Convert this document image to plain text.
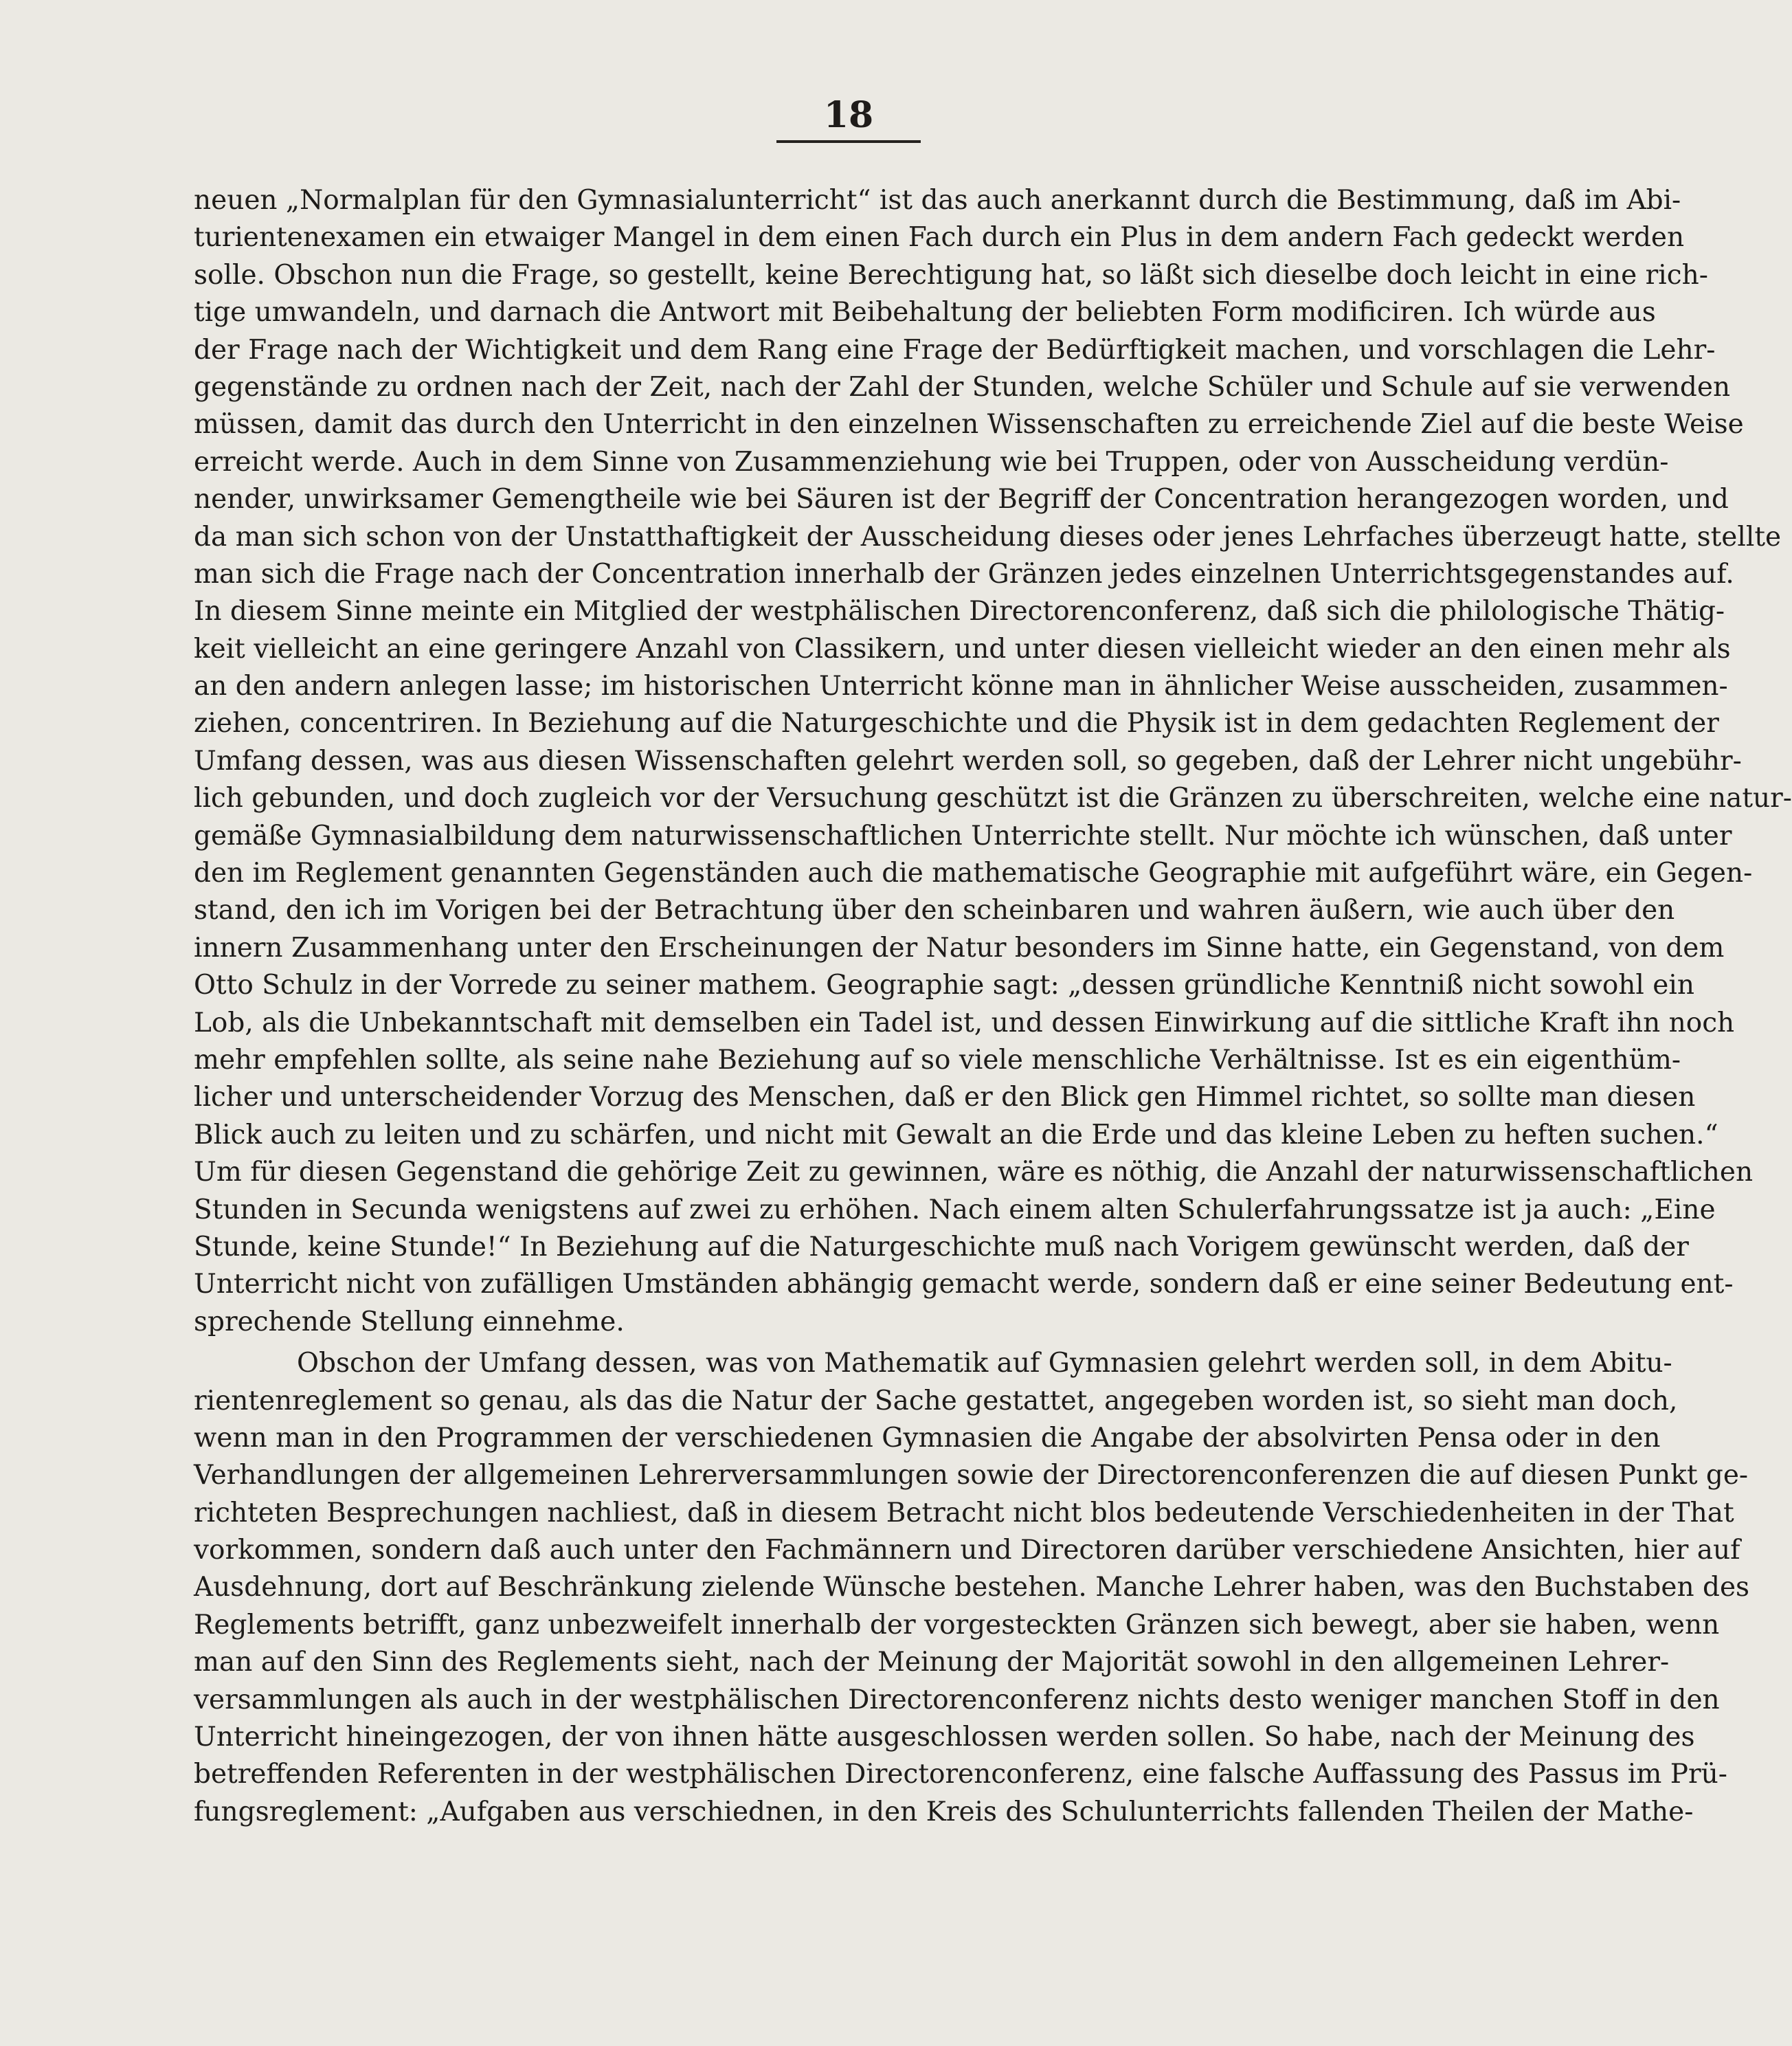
18
neuen „Normalplan für den Gymnasialunterricht“ ist das auch anerkannt durch die Bestimmung, daß im Abi-
turientenexamen ein etwaiger Mangel in dem einen Fach durch ein Plus in dem andern Fach gedeckt werden
solle. Obschon nun die Frage, so gestellt, keine Berechtigung hat, so läßt sich dieselbe doch leicht in eine rich-
tige umwandeln, und darnach die Antwort mit Beibehaltung der beliebten Form modificiren. Ich würde aus
der Frage nach der Wichtigkeit und dem Rang eine Frage der Bedürftigkeit machen, und vorschlagen die Lehr-
gegenstände zu ordnen nach der Zeit, nach der Zahl der Stunden, welche Schüler und Schule auf sie verwenden
müssen, damit das durch den Unterricht in den einzelnen Wissenschaften zu erreichende Ziel auf die beste Weise
erreicht werde. Auch in dem Sinne von Zusammenziehung wie bei Truppen, oder von Ausscheidung verdün-
nender, unwirksamer Gemengtheile wie bei Säuren ist der Begriff der Concentration herangezogen worden, und
da man sich schon von der Unstatthaftigkeit der Ausscheidung dieses oder jenes Lehrfaches überzeugt hatte, stellte
man sich die Frage nach der Concentration innerhalb der Gränzen jedes einzelnen Unterrichtsgegenstandes auf.
In diesem Sinne meinte ein Mitglied der westphälischen Directorenconferenz, daß sich die philologische Thätig-
keit vielleicht an eine geringere Anzahl von Classikern, und unter diesen vielleicht wieder an den einen mehr als
an den andern anlegen lasse; im historischen Unterricht könne man in ähnlicher Weise ausscheiden, zusammen-
ziehen, concentriren. In Beziehung auf die Naturgeschichte und die Physik ist in dem gedachten Reglement der
Umfang dessen, was aus diesen Wissenschaften gelehrt werden soll, so gegeben, daß der Lehrer nicht ungebühr-
lich gebunden, und doch zugleich vor der Versuchung geschützt ist die Gränzen zu überschreiten, welche eine natur-
gemäße Gymnasialbildung dem naturwissenschaftlichen Unterrichte stellt. Nur möchte ich wünschen, daß unter
den im Reglement genannten Gegenständen auch die mathematische Geographie mit aufgeführt wäre, ein Gegen-
stand, den ich im Vorigen bei der Betrachtung über den scheinbaren und wahren äußern, wie auch über den
innern Zusammenhang unter den Erscheinungen der Natur besonders im Sinne hatte, ein Gegenstand, von dem
Otto Schulz in der Vorrede zu seiner mathem. Geographie sagt: „dessen gründliche Kenntniß nicht sowohl ein
Lob, als die Unbekanntschaft mit demselben ein Tadel ist, und dessen Einwirkung auf die sittliche Kraft ihn noch
mehr empfehlen sollte, als seine nahe Beziehung auf so viele menschliche Verhältnisse. Ist es ein eigenthüm-
licher und unterscheidender Vorzug des Menschen, daß er den Blick gen Himmel richtet, so sollte man diesen
Blick auch zu leiten und zu schärfen, und nicht mit Gewalt an die Erde und das kleine Leben zu heften suchen.“
Um für diesen Gegenstand die gehörige Zeit zu gewinnen, wäre es nöthig, die Anzahl der naturwissenschaftlichen
Stunden in Secunda wenigstens auf zwei zu erhöhen. Nach einem alten Schulerfahrungssatze ist ja auch: „Eine
Stunde, keine Stunde!“ In Beziehung auf die Naturgeschichte muß nach Vorigem gewünscht werden, daß der
Unterricht nicht von zufälligen Umständen abhängig gemacht werde, sondern daß er eine seiner Bedeutung ent-
sprechende Stellung einnehme.
Obschon der Umfang dessen, was von Mathematik auf Gymnasien gelehrt werden soll, in dem Abitu-
rientenreglement so genau, als das die Natur der Sache gestattet, angegeben worden ist, so sieht man doch,
wenn man in den Programmen der verschiedenen Gymnasien die Angabe der absolvirten Pensa oder in den
Verhandlungen der allgemeinen Lehrerversammlungen sowie der Directorenconferenzen die auf diesen Punkt ge-
richteten Besprechungen nachliest, daß in diesem Betracht nicht blos bedeutende Verschiedenheiten in der That
vorkommen, sondern daß auch unter den Fachmännern und Directoren darüber verschiedene Ansichten, hier auf
Ausdehnung, dort auf Beschränkung zielende Wünsche bestehen. Manche Lehrer haben, was den Buchstaben des
Reglements betrifft, ganz unbezweifelt innerhalb der vorgesteckten Gränzen sich bewegt, aber sie haben, wenn
man auf den Sinn des Reglements sieht, nach der Meinung der Majorität sowohl in den allgemeinen Lehrer-
versammlungen als auch in der westphälischen Directorenconferenz nichts desto weniger manchen Stoff in den
Unterricht hineingezogen, der von ihnen hätte ausgeschlossen werden sollen. So habe, nach der Meinung des
betreffenden Referenten in der westphälischen Directorenconferenz, eine falsche Auffassung des Passus im Prü-
fungsreglement: „Aufgaben aus verschiednen, in den Kreis des Schulunterrichts fallenden Theilen der Mathe-
